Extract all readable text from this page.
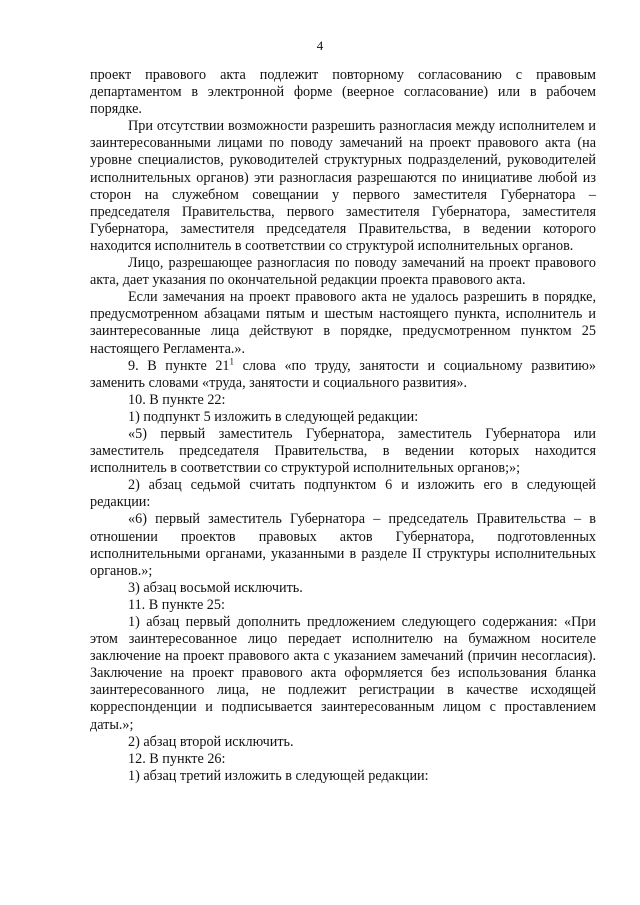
4

проект правового акта подлежит повторному согласованию с правовым департаментом в электронной форме (веерное согласование) или в рабочем порядке.

При отсутствии возможности разрешить разногласия между исполнителем и заинтересованными лицами по поводу замечаний на проект правового акта (на уровне специалистов, руководителей структурных подразделений, руководителей исполнительных органов) эти разногласия разрешаются по инициативе любой из сторон на служебном совещании у первого заместителя Губернатора – председателя Правительства, первого заместителя Губернатора, заместителя Губернатора, заместителя председателя Правительства, в ведении которого находится исполнитель в соответствии со структурой исполнительных органов.

Лицо, разрешающее разногласия по поводу замечаний на проект правового акта, дает указания по окончательной редакции проекта правового акта.

Если замечания на проект правового акта не удалось разрешить в порядке, предусмотренном абзацами пятым и шестым настоящего пункта, исполнитель и заинтересованные лица действуют в порядке, предусмотренном пунктом 25 настоящего Регламента.».

9. В пункте $21^1$ слова «по труду, занятости и социальному развитию» заменить словами «труда, занятости и социального развития».

10. В пункте 22:

1) подпункт 5 изложить в следующей редакции:

«5) первый заместитель Губернатора, заместитель Губернатора или заместитель председателя Правительства, в ведении которых находится исполнитель в соответствии со структурой исполнительных органов;»;

2) абзац седьмой считать подпунктом 6 и изложить его в следующей редакции:

«6) первый заместитель Губернатора – председатель Правительства – в отношении проектов правовых актов Губернатора, подготовленных исполнительными органами, указанными в разделе II структуры исполнительных органов.»;

3) абзац восьмой исключить.

11. В пункте 25:

1) абзац первый дополнить предложением следующего содержания: «При этом заинтересованное лицо передает исполнителю на бумажном носителе заключение на проект правового акта с указанием замечаний (причин несогласия). Заключение на проект правового акта оформляется без использования бланка заинтересованного лица, не подлежит регистрации в качестве исходящей корреспонденции и подписывается заинтересованным лицом с проставлением даты.»;

2) абзац второй исключить.

12. В пункте 26:

1) абзац третий изложить в следующей редакции:
